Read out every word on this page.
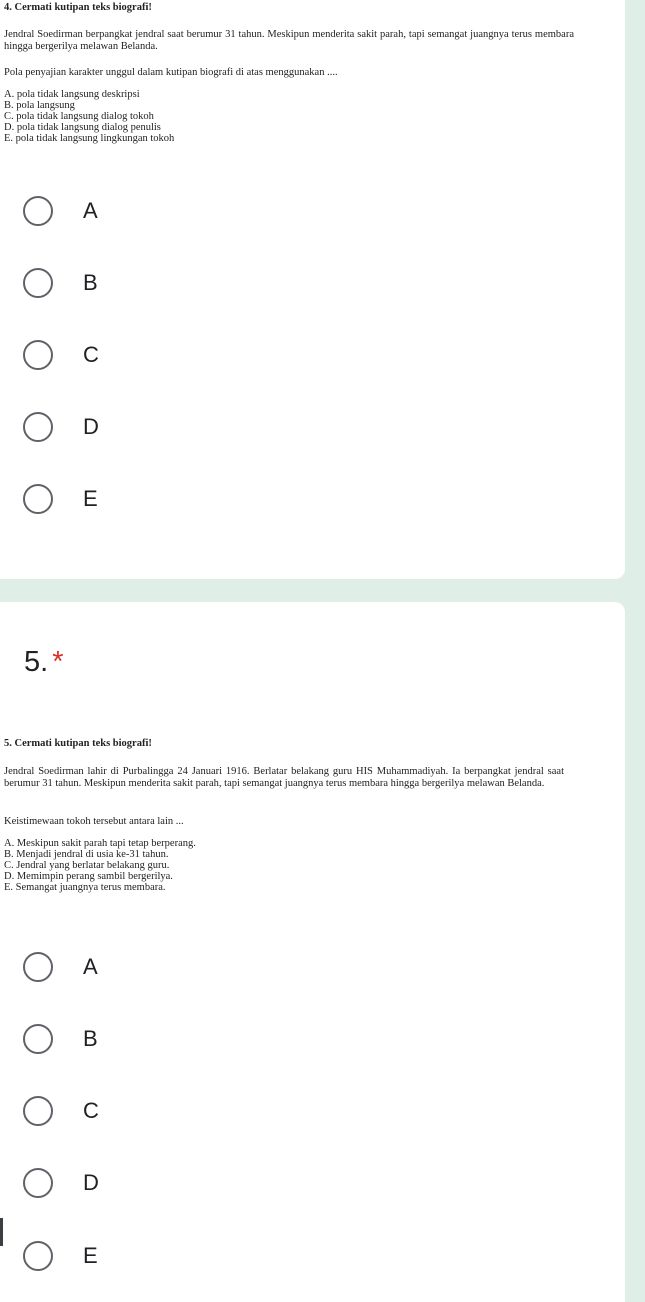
4. Cermati kutipan teks biografi!
Jendral Soedirman berpangkat jendral saat berumur 31 tahun. Meskipun menderita sakit parah, tapi semangat juangnya terus membara hingga bergerilya melawan Belanda.
Pola penyajian karakter unggul dalam kutipan biografi di atas menggunakan ....
A. pola tidak langsung deskripsi
B. pola langsung
C. pola tidak langsung dialog tokoh
D. pola tidak langsung dialog penulis
E. pola tidak langsung lingkungan tokoh
A
B
C
D
E
5. *
5. Cermati kutipan teks biografi!
Jendral Soedirman lahir di Purbalingga 24 Januari 1916. Berlatar belakang guru HIS Muhammadiyah. Ia berpangkat jendral saat berumur 31 tahun. Meskipun menderita sakit parah, tapi semangat juangnya terus membara hingga bergerilya melawan Belanda.
Keistimewaan tokoh tersebut antara lain ...
A. Meskipun sakit parah tapi tetap berperang.
B. Menjadi jendral di usia ke-31 tahun.
C. Jendral yang berlatar belakang guru.
D. Memimpin perang sambil bergerilya.
E. Semangat juangnya terus membara.
A
B
C
D
E
